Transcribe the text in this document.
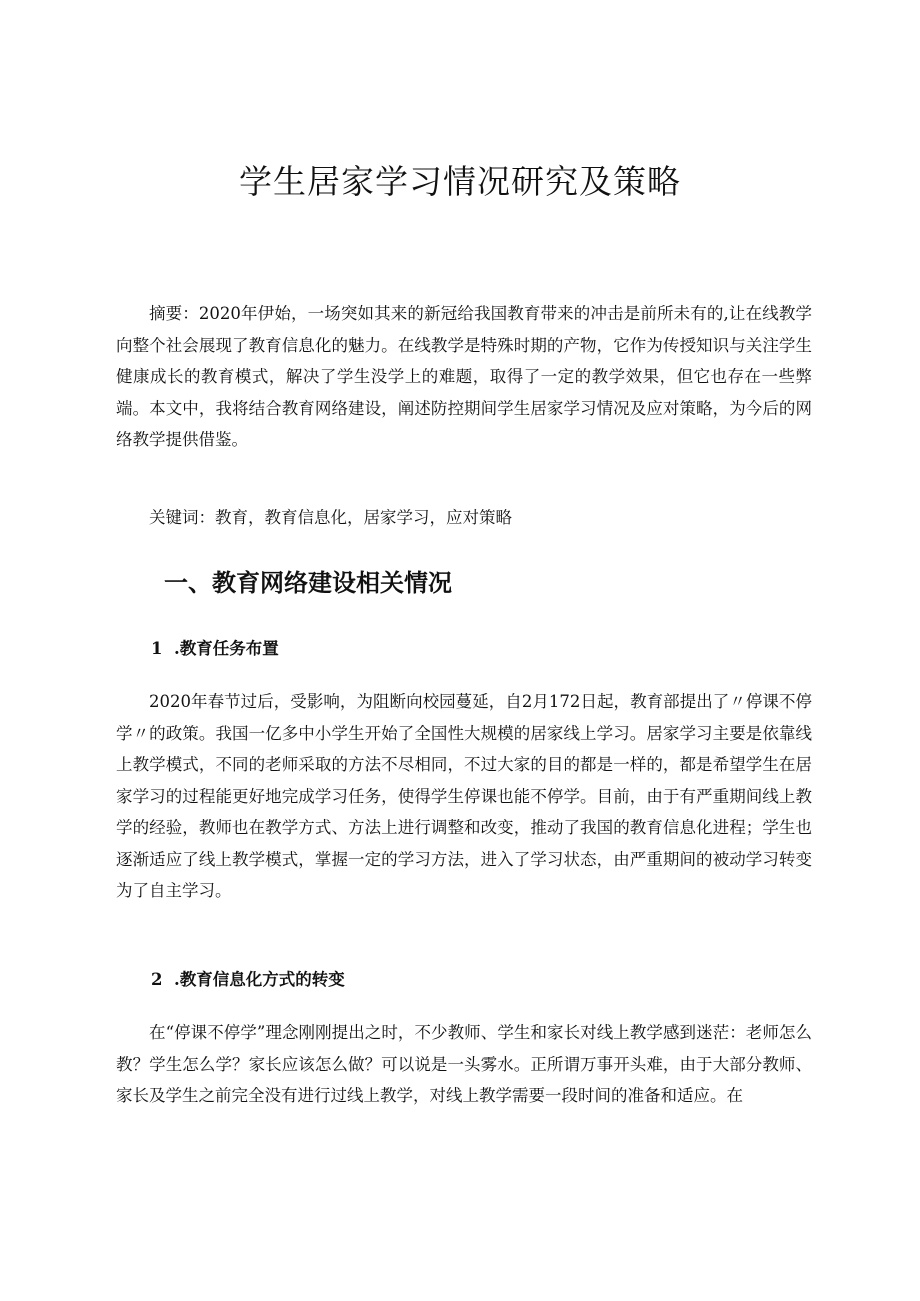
学生居家学习情况研究及策略

摘要：2020年伊始，一场突如其来的新冠给我国教育带来的冲击是前所未有的,让在线教学向整个社会展现了教育信息化的魅力。在线教学是特殊时期的产物，它作为传授知识与关注学生健康成长的教育模式，解决了学生没学上的难题，取得了一定的教学效果，但它也存在一些弊端。本文中，我将结合教育网络建设，阐述防控期间学生居家学习情况及应对策略，为今后的网络教学提供借鉴。

关键词：教育，教育信息化，居家学习，应对策略

一、教育网络建设相关情况
1  .教育任务布置

2020年春节过后，受影响，为阻断向校园蔓延，自2月172日起，教育部提出了〃停课不停学〃的政策。我国一亿多中小学生开始了全国性大规模的居家线上学习。居家学习主要是依靠线上教学模式，不同的老师采取的方法不尽相同，不过大家的目的都是一样的，都是希望学生在居家学习的过程能更好地完成学习任务，使得学生停课也能不停学。目前，由于有严重期间线上教学的经验，教师也在教学方式、方法上进行调整和改变，推动了我国的教育信息化进程；学生也逐渐适应了线上教学模式，掌握一定的学习方法，进入了学习状态，由严重期间的被动学习转变为了自主学习。

2  .教育信息化方式的转变

在“停课不停学”理念刚刚提出之时，不少教师、学生和家长对线上教学感到迷茫：老师怎么教？学生怎么学？家长应该怎么做？可以说是一头雾水。正所谓万事开头难，由于大部分教师、家长及学生之前完全没有进行过线上教学，对线上教学需要一段时间的准备和适应。在
